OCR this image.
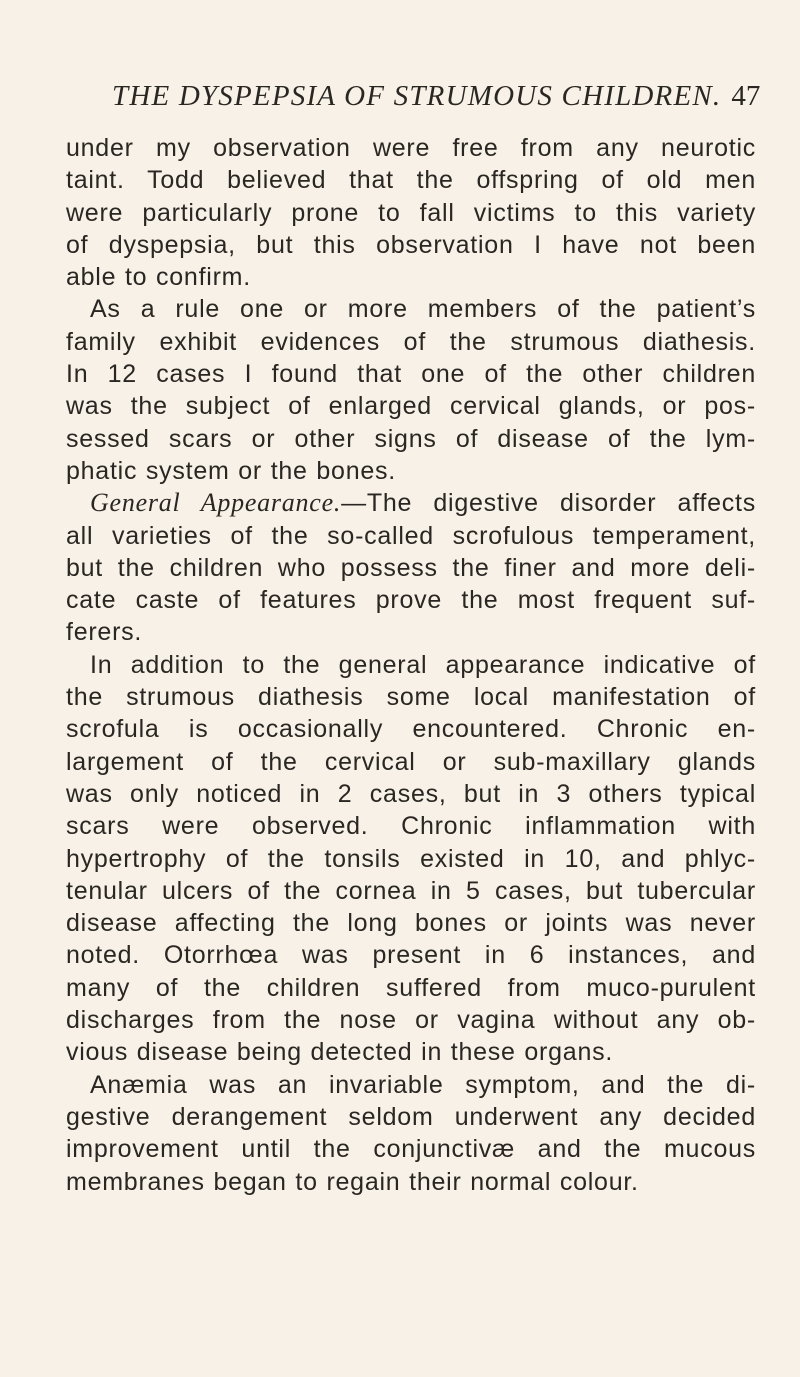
THE DYSPEPSIA OF STRUMOUS CHILDREN. 47
under my observation were free from any neurotic
taint. Todd believed that the offspring of old men
were particularly prone to fall victims to this variety
of dyspepsia, but this observation I have not been
able to confirm.
As a rule one or more members of the patient’s
family exhibit evidences of the strumous diathesis.
In 12 cases I found that one of the other children
was the subject of enlarged cervical glands, or pos-
sessed scars or other signs of disease of the lym-
phatic system or the bones.
General Appearance.—The digestive disorder affects
all varieties of the so-called scrofulous temperament,
but the children who possess the finer and more deli-
cate caste of features prove the most frequent suf-
ferers.
In addition to the general appearance indicative of
the strumous diathesis some local manifestation of
scrofula is occasionally encountered. Chronic en-
largement of the cervical or sub-maxillary glands
was only noticed in 2 cases, but in 3 others typical
scars were observed. Chronic inflammation with
hypertrophy of the tonsils existed in 10, and phlyc-
tenular ulcers of the cornea in 5 cases, but tubercular
disease affecting the long bones or joints was never
noted. Otorrhœa was present in 6 instances, and
many of the children suffered from muco-purulent
discharges from the nose or vagina without any ob-
vious disease being detected in these organs.
Anæmia was an invariable symptom, and the di-
gestive derangement seldom underwent any decided
improvement until the conjunctivæ and the mucous
membranes began to regain their normal colour.
